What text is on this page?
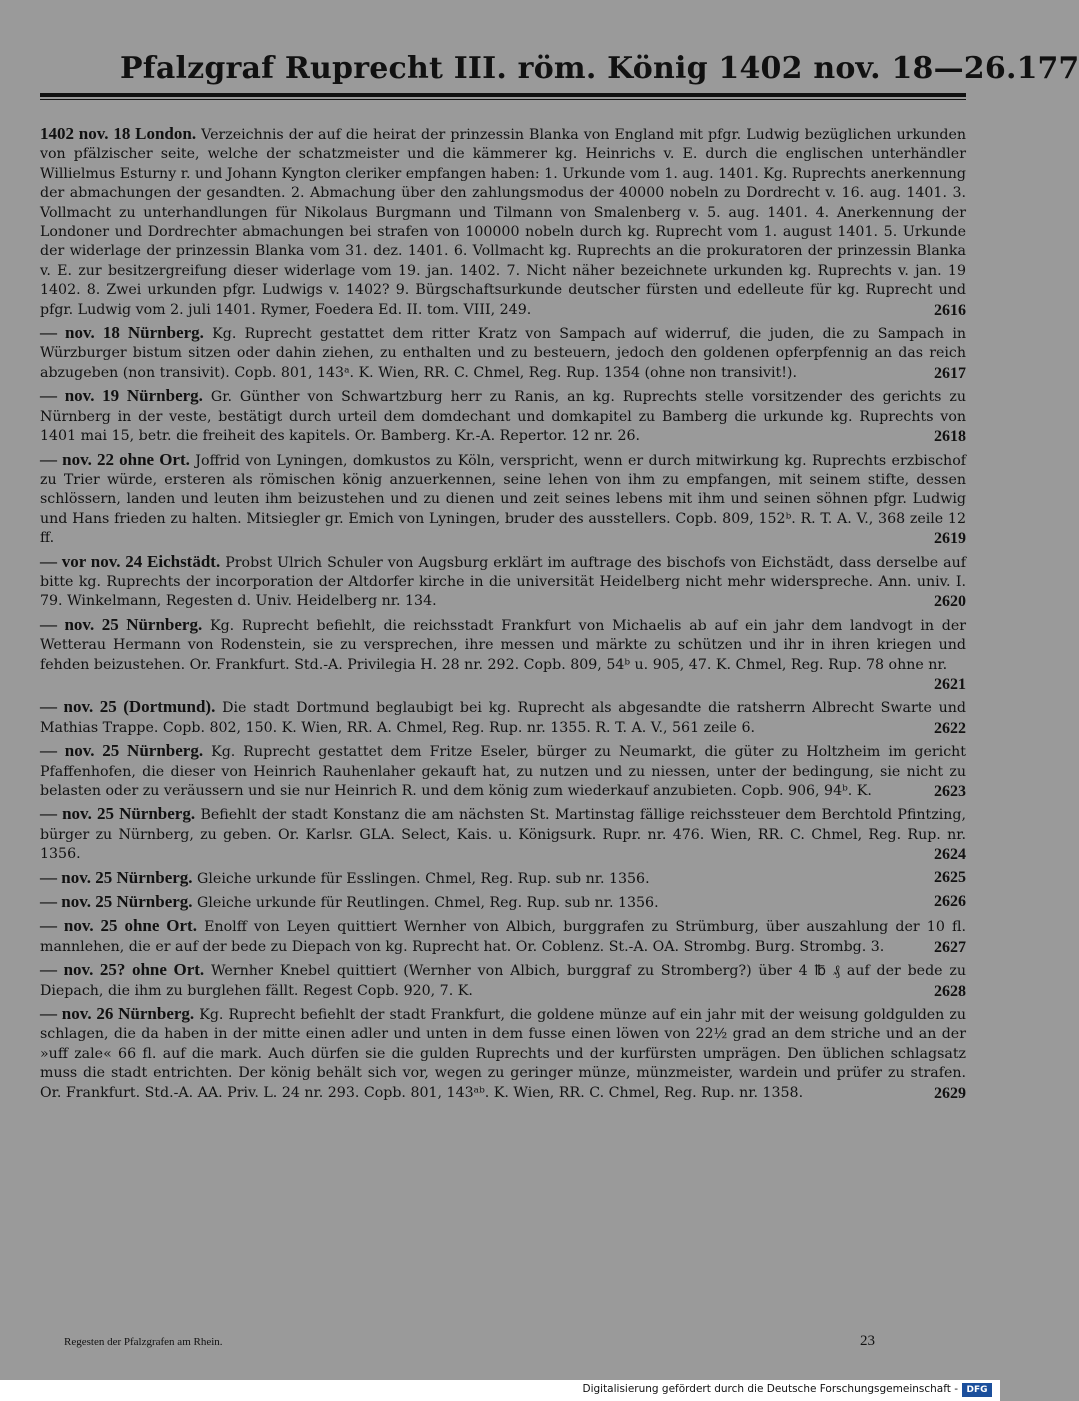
Pfalzgraf Ruprecht III. röm. König 1402 nov. 18—26. 177
1402 nov. 18 London. Verzeichnis der auf die heirat der prinzessin Blanka von England mit pfgr. Ludwig bezüglichen urkunden von pfälzischer seite, welche der schatzmeister und die kämmerer kg. Heinrichs v. E. durch die englischen unterhändler Willielmus Esturny r. und Johann Kyngton cleriker empfangen haben: 1. Urkunde vom 1. aug. 1401. Kg. Ruprechts anerkennung der abmachungen der gesandten. 2. Abmachung über den zahlungsmodus der 40000 nobeln zu Dordrecht v. 16. aug. 1401. 3. Vollmacht zu unterhandlungen für Nikolaus Burgmann und Tilmann von Smalenberg v. 5. aug. 1401. 4. Anerkennung der Londoner und Dordrechter abmachungen bei strafen von 100000 nobeln durch kg. Ruprecht vom 1. august 1401. 5. Urkunde der widerlage der prinzessin Blanka vom 31. dez. 1401. 6. Vollmacht kg. Ruprechts an die prokuratoren der prinzessin Blanka v. E. zur besitzergreifung dieser widerlage vom 19. jan. 1402. 7. Nicht näher bezeichnete urkunden kg. Ruprechts v. jan. 19 1402. 8. Zwei urkunden pfgr. Ludwigs v. 1402? 9. Bürgschaftsurkunde deutscher fürsten und edelleute für kg. Ruprecht und pfgr. Ludwig vom 2. juli 1401. Rymer, Foedera Ed. II. tom. VIII, 249.	2616
— nov. 18 Nürnberg. Kg. Ruprecht gestattet dem ritter Kratz von Sampach auf widerruf, die juden, die zu Sampach in Würzburger bistum sitzen oder dahin ziehen, zu enthalten und zu besteuern, jedoch den goldenen opferpfennig an das reich abzugeben (non transivit). Copb. 801, 143ᵃ. K. Wien, RR. C. Chmel, Reg. Rup. 1354 (ohne non transivit!).	2617
— nov. 19 Nürnberg. Gr. Günther von Schwartzburg herr zu Ranis, an kg. Ruprechts stelle vorsitzender des gerichts zu Nürnberg in der veste, bestätigt durch urteil dem domdechant und domkapitel zu Bamberg die urkunde kg. Ruprechts von 1401 mai 15, betr. die freiheit des kapitels. Or. Bamberg. Kr.-A. Repertor. 12 nr. 26.	2618
— nov. 22 ohne Ort. Joffrid von Lyningen, domkustos zu Köln, verspricht, wenn er durch mitwirkung kg. Ruprechts erzbischof zu Trier würde, ersteren als römischen könig anzuerkennen, seine lehen von ihm zu empfangen, mit seinem stifte, dessen schlössern, landen und leuten ihm beizustehen und zu dienen und zeit seines lebens mit ihm und seinen söhnen pfgr. Ludwig und Hans frieden zu halten. Mitsiegler gr. Emich von Lyningen, bruder des ausstellers. Copb. 809, 152ᵇ. R. T. A. V., 368 zeile 12 ff.	2619
— vor nov. 24 Eichstädt. Probst Ulrich Schuler von Augsburg erklärt im auftrage des bischofs von Eichstädt, dass derselbe auf bitte kg. Ruprechts der incorporation der Altdorfer kirche in die universität Heidelberg nicht mehr widerspreche. Ann. univ. I. 79. Winkelmann, Regesten d. Univ. Heidelberg nr. 134.	2620
— nov. 25 Nürnberg. Kg. Ruprecht befiehlt, die reichsstadt Frankfurt von Michaelis ab auf ein jahr dem landvogt in der Wetterau Hermann von Rodenstein, sie zu versprechen, ihre messen und märkte zu schützen und ihr in ihren kriegen und fehden beizustehen. Or. Frankfurt. Std.-A. Privilegia H. 28 nr. 292. Copb. 809, 54ᵇ u. 905, 47. K. Chmel, Reg. Rup. 78 ohne nr.
2621
— nov. 25 (Dortmund). Die stadt Dortmund beglaubigt bei kg. Ruprecht als abgesandte die ratsherrn Albrecht Swarte und Mathias Trappe. Copb. 802, 150. K. Wien, RR. A. Chmel, Reg. Rup. nr. 1355. R. T. A. V., 561 zeile 6.	2622
— nov. 25 Nürnberg. Kg. Ruprecht gestattet dem Fritze Eseler, bürger zu Neumarkt, die güter zu Holtzheim im gericht Pfaffenhofen, die dieser von Heinrich Rauhenlaher gekauft hat, zu nutzen und zu niessen, unter der bedingung, sie nicht zu belasten oder zu veräussern und sie nur Heinrich R. und dem könig zum wiederkauf anzubieten. Copb. 906, 94ᵇ. K.	2623
— nov. 25 Nürnberg. Befiehlt der stadt Konstanz die am nächsten St. Martinstag fällige reichssteuer dem Berchtold Pfintzing, bürger zu Nürnberg, zu geben. Or. Karlsr. GLA. Select, Kais. u. Königsurk. Rupr. nr. 476. Wien, RR. C. Chmel, Reg. Rup. nr. 1356.	2624
— nov. 25 Nürnberg. Gleiche urkunde für Esslingen. Chmel, Reg. Rup. sub nr. 1356.	2625
— nov. 25 Nürnberg. Gleiche urkunde für Reutlingen. Chmel, Reg. Rup. sub nr. 1356.	2626
— nov. 25 ohne Ort. Enolff von Leyen quittiert Wernher von Albich, burggrafen zu Strümburg, über auszahlung der 10 fl. mannlehen, die er auf der bede zu Diepach von kg. Ruprecht hat. Or. Coblenz. St.-A. OA. Strombg. Burg. Strombg. 3.	2627
— nov. 25? ohne Ort. Wernher Knebel quittiert (Wernher von Albich, burggraf zu Stromberg?) über 4 ℔ ₰ auf der bede zu Diepach, die ihm zu burglehen fällt. Regest Copb. 920, 7. K.	2628
— nov. 26 Nürnberg. Kg. Ruprecht befiehlt der stadt Frankfurt, die goldene münze auf ein jahr mit der weisung goldgulden zu schlagen, die da haben in der mitte einen adler und unten in dem fusse einen löwen von 22½ grad an dem striche und an der »uff zale« 66 fl. auf die mark. Auch dürfen sie die gulden Ruprechts und der kurfürsten umprägen. Den üblichen schlagsatz muss die stadt entrichten. Der könig behält sich vor, wegen zu geringer münze, münzmeister, wardein und prüfer zu strafen. Or. Frankfurt. Std.-A. AA. Priv. L. 24 nr. 293. Copb. 801, 143ᵃᵇ. K. Wien, RR. C. Chmel, Reg. Rup. nr. 1358.	2629
Regesten der Pfalzgrafen am Rhein.	23
Digitalisierung gefördert durch die Deutsche Forschungsgemeinschaft - DFG
